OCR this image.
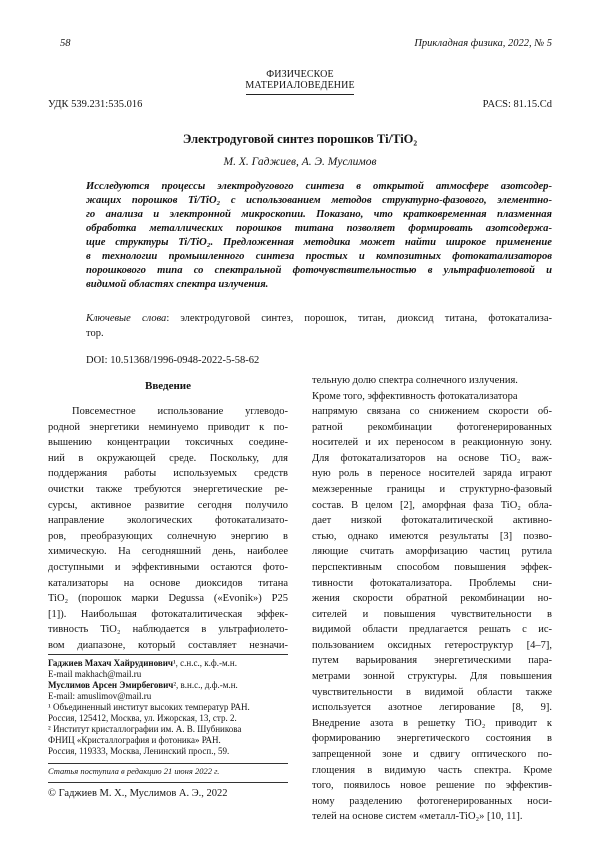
58	Прикладная физика, 2022, № 5
ФИЗИЧЕСКОЕ
МАТЕРИАЛОВЕДЕНИЕ
УДК 539.231:535.016	PACS: 81.15.Cd
Электродуговой синтез порошков Ti/TiO₂
М. Х. Гаджиев, А. Э. Муслимов
Исследуются процессы электродугового синтеза в открытой атмосфере азотсодер-
жащих порошков Ti/TiO₂ с использованием методов структурно-фазового, элементно-
го анализа и электронной микроскопии. Показано, что кратковременная плазменная
обработка металлических порошков титана позволяет формировать азотсодержа-
щие структуры Ti/TiO₂. Предложенная методика может найти широкое применение
в технологии промышленного синтеза простых и композитных фотокатализаторов
порошкового типа со спектральной фоточувствительностью в ультрафиолетовой и
видимой областях спектра излучения.
Ключевые слова: электродуговой синтез, порошок, титан, диоксид титана, фотокатализа-
тор.
DOI: 10.51368/1996-0948-2022-5-58-62
Введение
Повсеместное использование углеводо-
родной энергетики неминуемо приводит к по-
вышению концентрации токсичных соедине-
ний в окружающей среде. Поскольку, для
поддержания работы используемых средств
очистки также требуются энергетические ре-
сурсы, активное развитие сегодня получило
направление экологических фотокатализато-
ров, преобразующих солнечную энергию в
химическую. На сегодняшний день, наиболее
доступными и эффективными остаются фото-
катализаторы на основе диоксидов титана
TiO₂ (порошок марки Degussa («Evonik») P25
[1]). Наибольшая фотокаталитическая эффек-
тивность TiO₂ наблюдается в ультрафиолето-
вом диапазоне, который составляет незначи-
Гаджиев Махач Хайрудинович¹, с.н.с., к.ф.-м.н.
E-mail makhach@mail.ru
Муслимов Арсен Эмирбегович², в.н.с., д.ф.-м.н.
E-mail: amuslimov@mail.ru
¹ Объединенный институт высоких температур РАН.
Россия, 125412, Москва, ул. Ижорская, 13, стр. 2.
² Институт кристаллографии им. А. В. Шубникова
ФНИЦ «Кристаллография и фотоника» РАН.
Россия, 119333, Москва, Ленинский просп., 59.
Статья поступила в редакцию 21 июня 2022 г.
© Гаджиев М. Х., Муслимов А. Э., 2022
тельную долю спектра солнечного излучения.
Кроме того, эффективность фотокатализатора
напрямую связана со снижением скорости об-
ратной рекомбинации фотогенерированных
носителей и их переносом в реакционную зону.
Для фотокатализаторов на основе TiO₂ важ-
ную роль в переносе носителей заряда играют
межзеренные границы и структурно-фазовый
состав. В целом [2], аморфная фаза TiO₂ обла-
дает низкой фотокаталитической активно-
стью, однако имеются результаты [3] позво-
ляющие считать аморфизацию частиц рутила
перспективным способом повышения эффек-
тивности фотокатализатора. Проблемы сни-
жения скорости обратной рекомбинации но-
сителей и повышения чувствительности в
видимой области предлагается решать с ис-
пользованием оксидных гетероструктур [4–7],
путем варьирования энергетическими пара-
метрами зонной структуры. Для повышения
чувствительности в видимой области также
используется азотное легирование [8, 9].
Внедрение азота в решетку TiO₂ приводит к
формированию энергетического состояния в
запрещенной зоне и сдвигу оптического по-
глощения в видимую часть спектра. Кроме
того, появилось новое решение по эффектив-
ному разделению фотогенерированных носи-
телей на основе систем «металл-TiO₂» [10, 11].
